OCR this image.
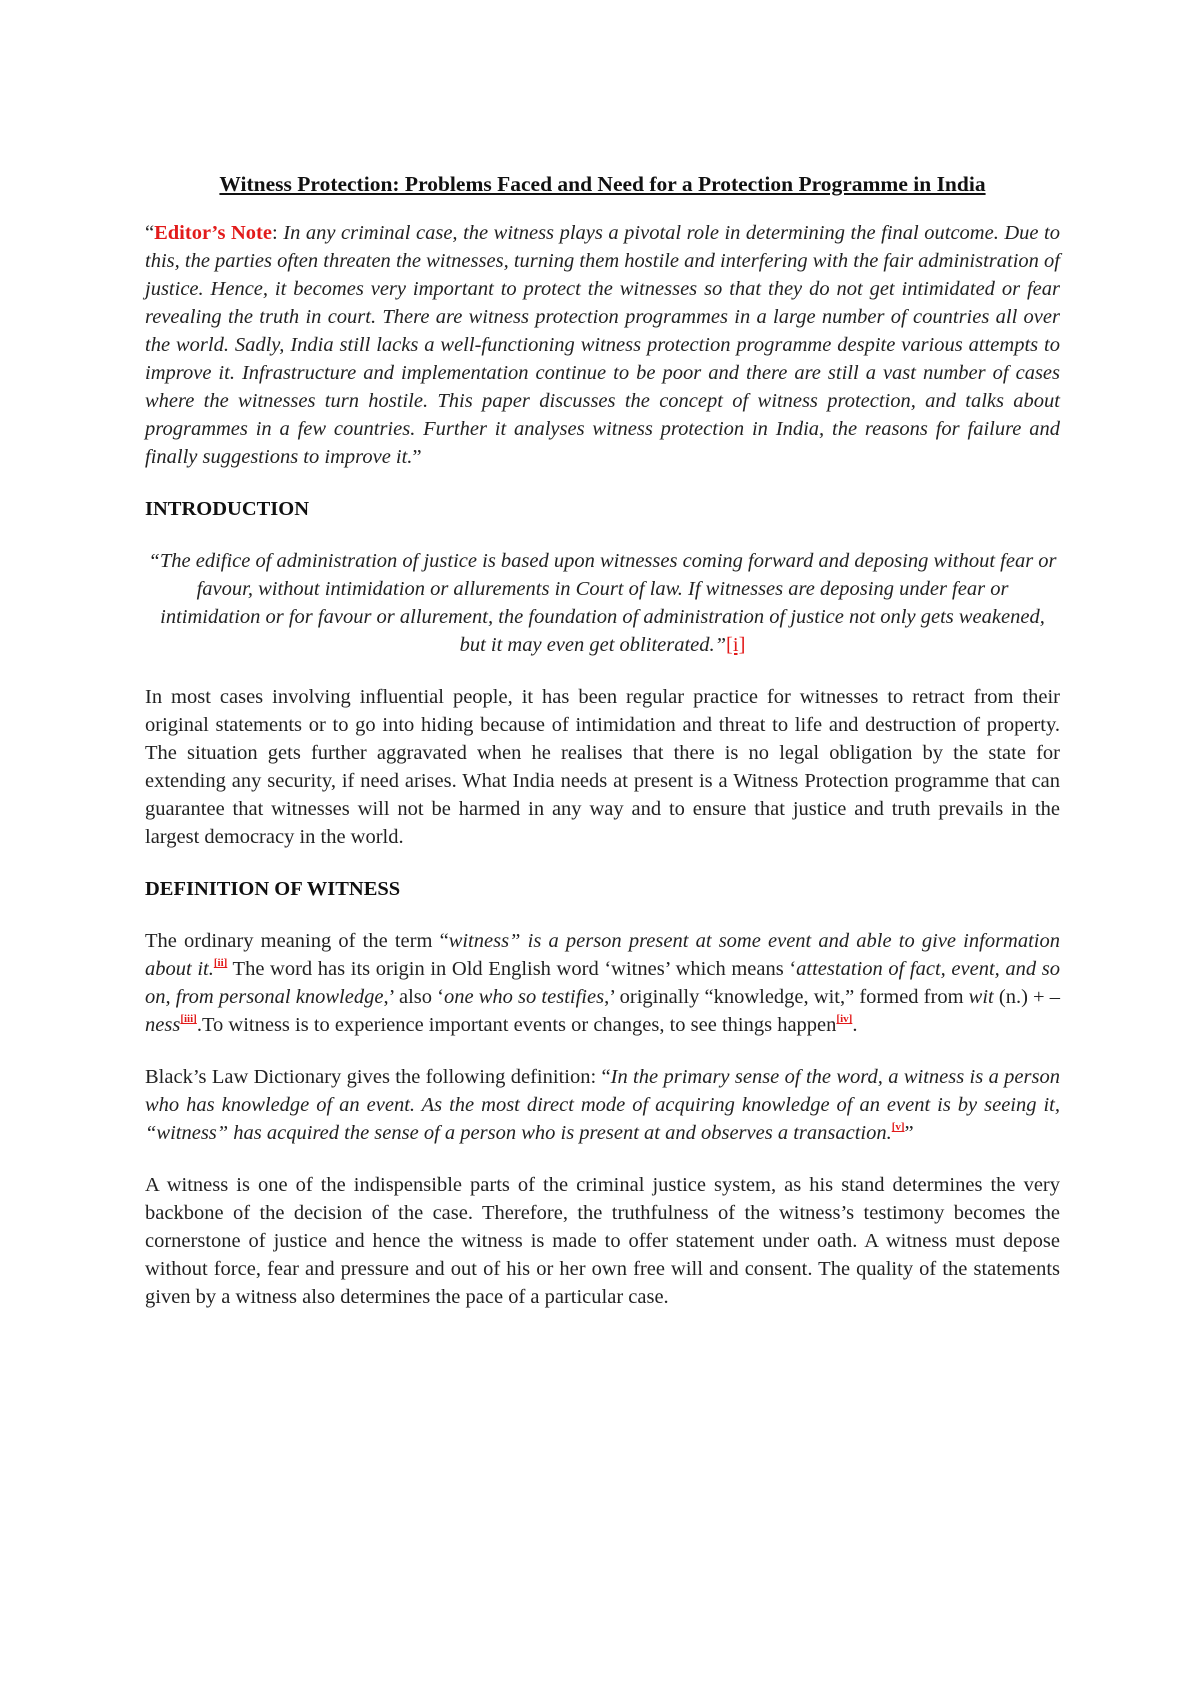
Witness Protection: Problems Faced and Need for a Protection Programme in India
“Editor’s Note: In any criminal case, the witness plays a pivotal role in determining the final outcome. Due to this, the parties often threaten the witnesses, turning them hostile and interfering with the fair administration of justice. Hence, it becomes very important to protect the witnesses so that they do not get intimidated or fear revealing the truth in court. There are witness protection programmes in a large number of countries all over the world. Sadly, India still lacks a well-functioning witness protection programme despite various attempts to improve it. Infrastructure and implementation continue to be poor and there are still a vast number of cases where the witnesses turn hostile. This paper discusses the concept of witness protection, and talks about programmes in a few countries. Further it analyses witness protection in India, the reasons for failure and finally suggestions to improve it.”
INTRODUCTION
“The edifice of administration of justice is based upon witnesses coming forward and deposing without fear or favour, without intimidation or allurements in Court of law. If witnesses are deposing under fear or intimidation or for favour or allurement, the foundation of administration of justice not only gets weakened, but it may even get obliterated.”[i]
In most cases involving influential people, it has been regular practice for witnesses to retract from their original statements or to go into hiding because of intimidation and threat to life and destruction of property. The situation gets further aggravated when he realises that there is no legal obligation by the state for extending any security, if need arises. What India needs at present is a Witness Protection programme that can guarantee that witnesses will not be harmed in any way and to ensure that justice and truth prevails in the largest democracy in the world.
DEFINITION OF WITNESS
The ordinary meaning of the term “witness” is a person present at some event and able to give information about it.[ii] The word has its origin in Old English word ‘witnes’ which means ‘attestation of fact, event, and so on, from personal knowledge,’ also ‘one who so testifies,’ originally “knowledge, wit,” formed from wit (n.) + –ness[iii].To witness is to experience important events or changes, to see things happen[iv].
Black’s Law Dictionary gives the following definition: “In the primary sense of the word, a witness is a person who has knowledge of an event. As the most direct mode of acquiring knowledge of an event is by seeing it, “witness” has acquired the sense of a person who is present at and observes a transaction.[v]”
A witness is one of the indispensible parts of the criminal justice system, as his stand determines the very backbone of the decision of the case. Therefore, the truthfulness of the witness’s testimony becomes the cornerstone of justice and hence the witness is made to offer statement under oath. A witness must depose without force, fear and pressure and out of his or her own free will and consent. The quality of the statements given by a witness also determines the pace of a particular case.
